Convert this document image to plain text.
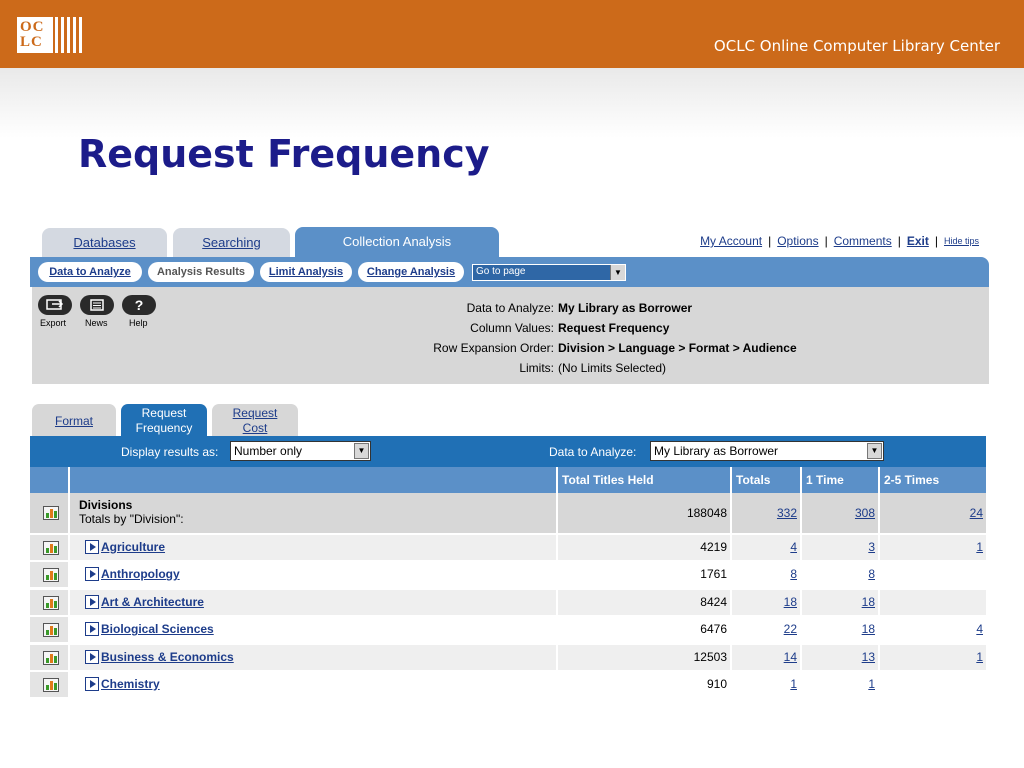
OC
LC	OCLC Online Computer Library Center
Request Frequency
Databases	Searching	Collection Analysis	My Account | Options | Comments | Exit | Hide tips
Data to Analyze	Analysis Results	Limit Analysis	Change Analysis	Go to page	▼
?
Export News Help
Data to Analyze: My Library as Borrower
Column Values: Request Frequency
Row Expansion Order: Division > Language > Format > Audience
Limits: (No Limits Selected)
Format
Request
Frequency
Request
Cost
Display results as:	Number only	▼	Data to Analyze:	My Library as Borrower	▼
Total Titles Held	Totals	1 Time	2-5 Times
Divisions
Totals by "Division":	188048	332	308	24
Agriculture	4219	4	3	1
Anthropology	1761	8	8
Art & Architecture	8424	18	18
Biological Sciences	6476	22	18	4
Business & Economics	12503	14	13	1
Chemistry	910	1	1
